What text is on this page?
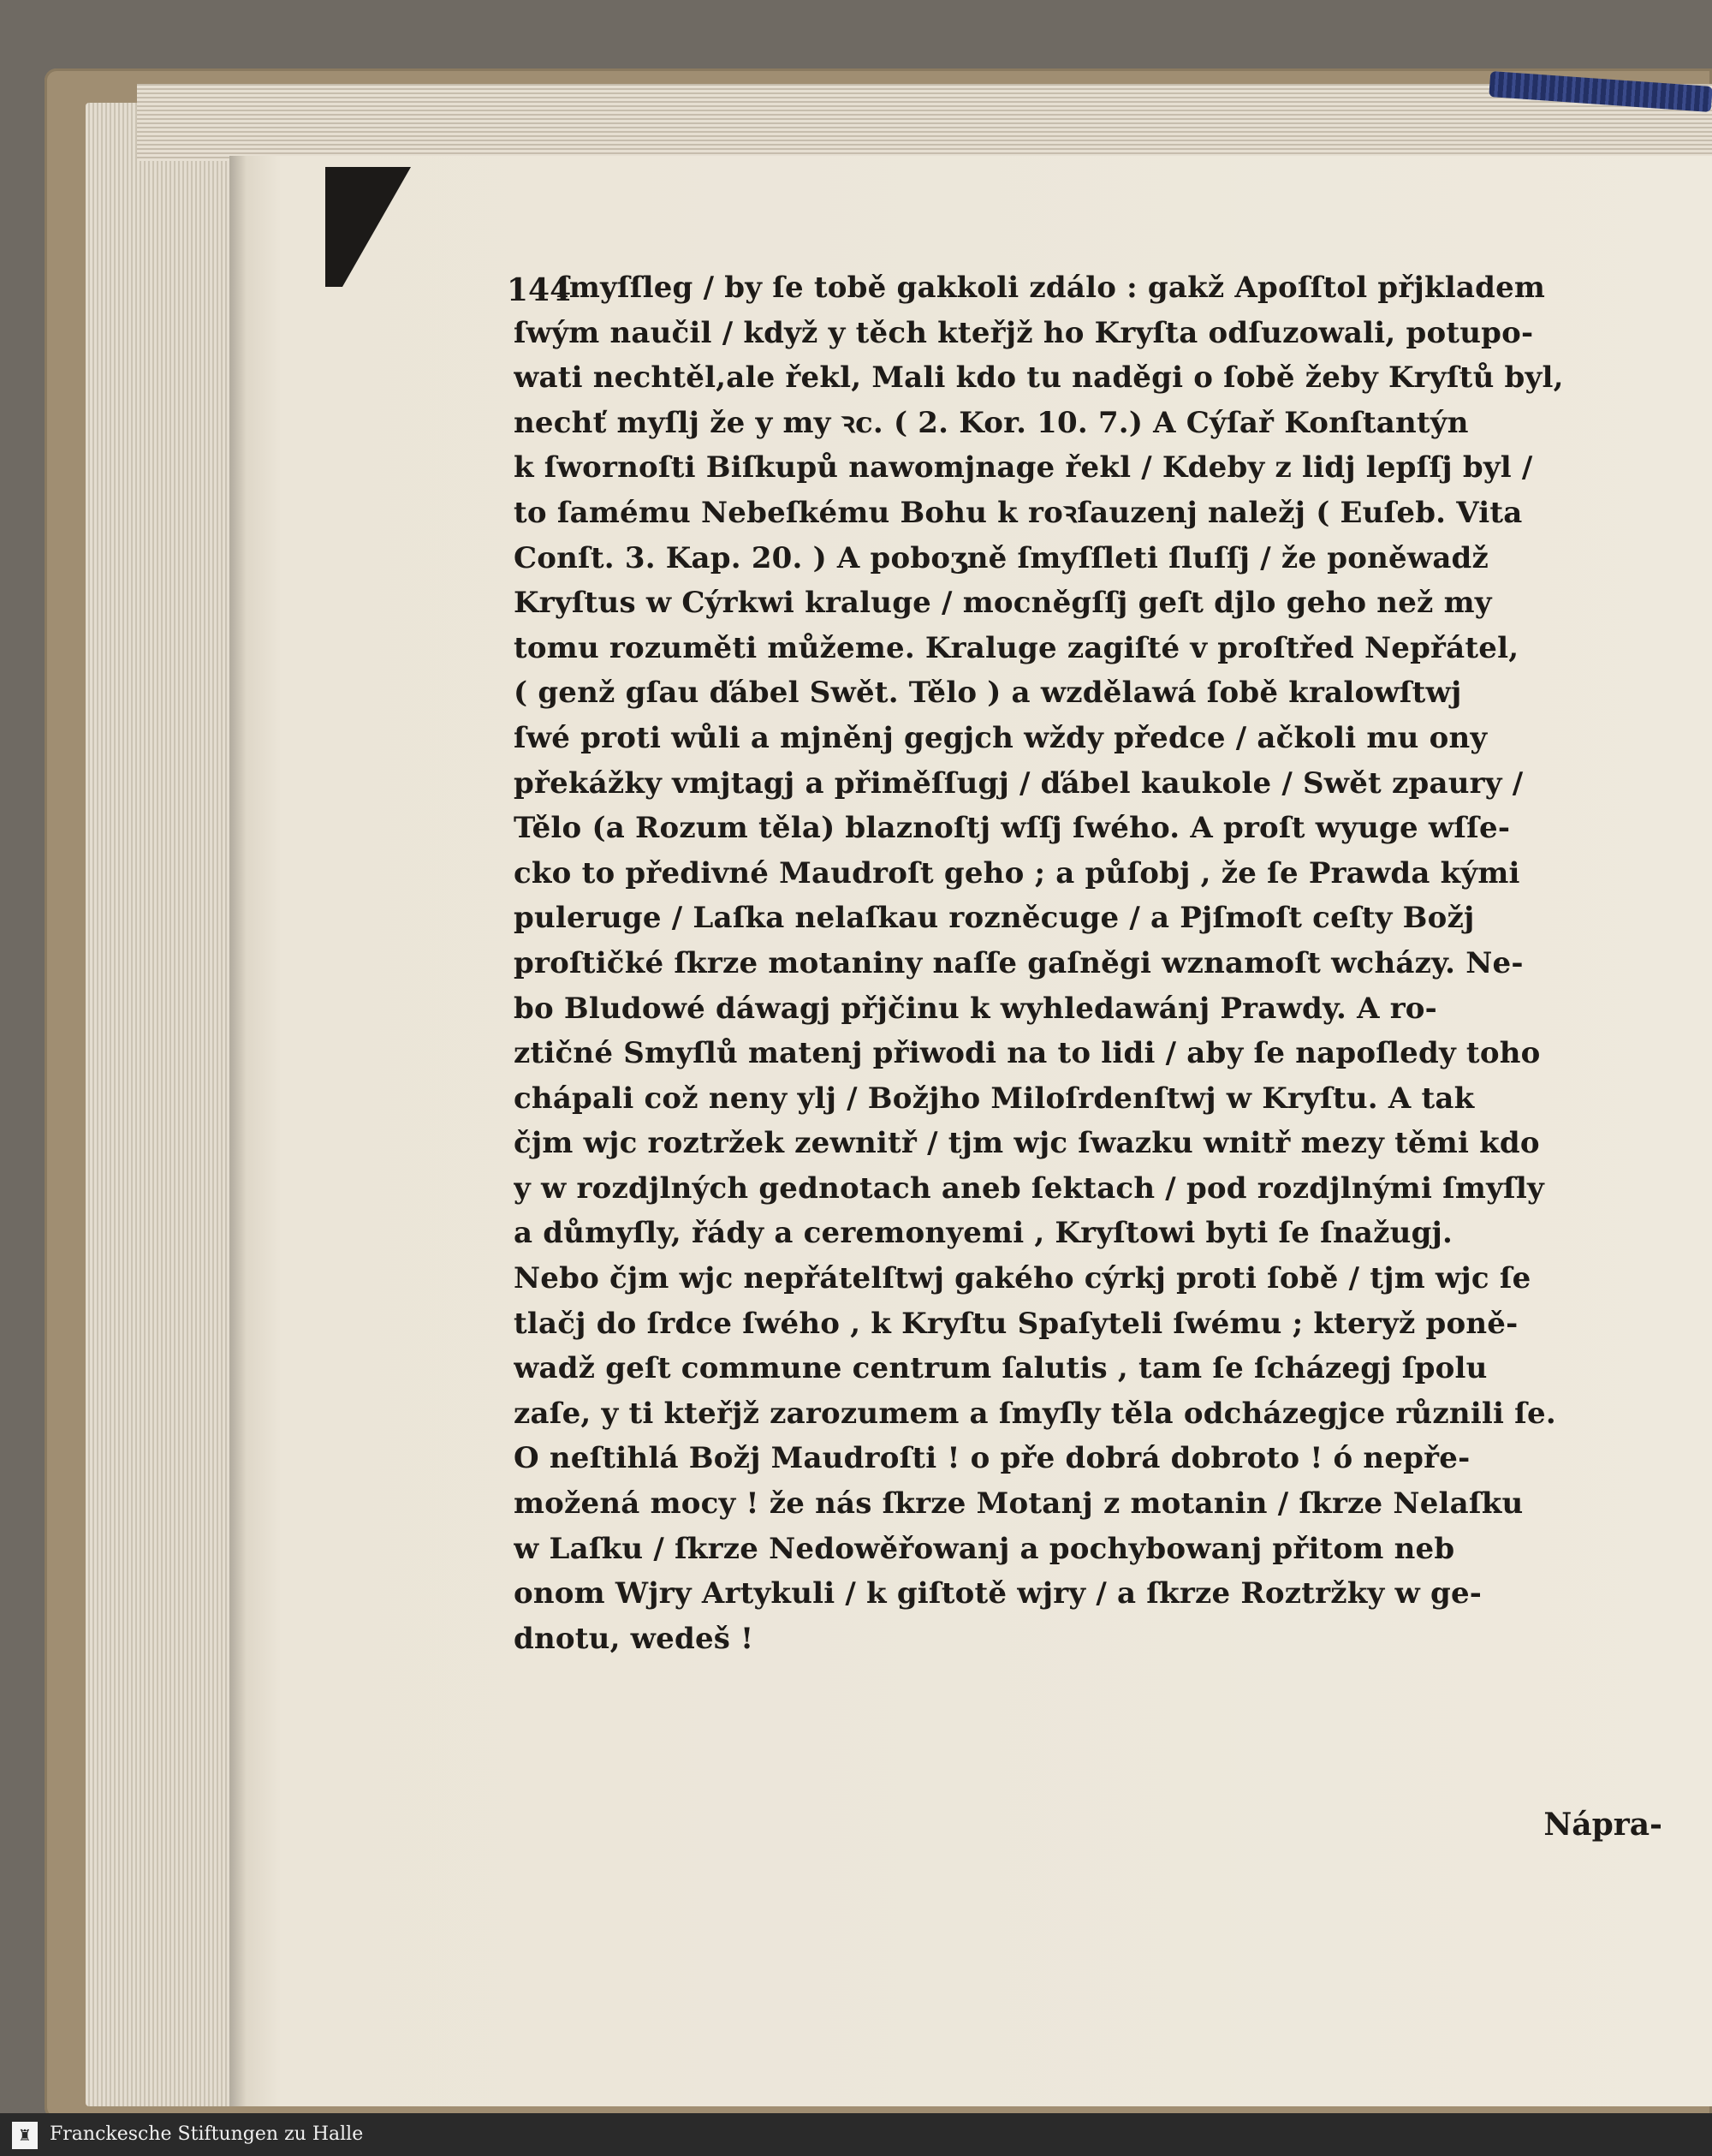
ſmyſſleg / by ſe tobě gakkoli zdálo : gakž Apoſſtol přjkladem
ſwým naučil / když y těch kteřjž ho Kryſta odſuzowali, potupo-
wati nechtěl,ale řekl, Mali kdo tu naděgi o ſobě žeby Kryſtů byl,
nechť myſlj že y my ꝛc. ( 2. Kor. 10. 7.) A Cýſař Konſtantýn
k ſwornoſti Biſkupů nawomjnage řekl / Kdeby z lidj lepſſj byl /
to ſamému Nebeſkému Bohu k roꝛſauzenj naležj ( Euſeb. Vita
Conſt. 3. Kap. 20. ) A poboʒně ſmyſſleti ſluſſj / že poněwadž
Kryſtus w Cýrkwi kraluge / mocněgſſj geſt djlo geho než my
tomu rozuměti můžeme. Kraluge zagiſté v proſtřed Nepřátel,
( genž gſau ďábel Swět. Tělo ) a wzdělawá ſobě kralowſtwj
ſwé proti wůli a mjněnj gegjch wždy předce / ačkoli mu ony
překážky vmjtagj a přiměſſugj / ďábel kaukole / Swět zpaury /
Tělo (a Rozum těla) blaznoſtj wſſj ſwého. A proſt wyuge wſſe-
cko to předivné Maudroſt geho ; a půſobj , že ſe Prawda kými
puleruge / Laſka nelaſkau rozněcuge / a Pjſmoſt ceſty Božj
proſtičké ſkrze motaniny naſſe gaſněgi wznamoſt wcházy. Ne-
bo Bludowé dáwagj přjčinu k wyhledawánj Prawdy. A ro-
ztičné Smyſlů matenj přiwodi na to lidi / aby ſe napoſledy toho
chápali což neny ylj / Božjho Miloſrdenſtwj w Kryſtu. A tak
čjm wjc roztržek zewnitř / tjm wjc ſwazku wnitř mezy těmi kdo
y w rozdjlných gednotach aneb ſektach / pod rozdjlnými ſmyſly
a důmyſly, řády a ceremonyemi , Kryſtowi byti ſe ſnažugj.
Nebo čjm wjc nepřátelſtwj gakého cýrkj proti ſobě / tjm wjc ſe
tlačj do ſrdce ſwého , k Kryſtu Spaſyteli ſwému ; kteryž poně-
wadž geſt commune centrum ſalutis , tam ſe ſcházegj ſpolu
zaſe, y ti kteřjž zarozumem a ſmyſly těla odcházegjce různili ſe.
O neſtihlá Božj Maudroſti ! o pře dobrá dobroto ! ó nepře-
možená mocy ! že nás ſkrze Motanj z motanin / ſkrze Nelaſku
w Laſku / ſkrze Nedowěřowanj a pochybowanj přitom neb
onom Wjry Artykuli / k giſtotě wjry / a ſkrze Roztržky w ge-
dnotu, wedeš !
144
Nápra-
♜ Franckesche Stiftungen zu Halle
